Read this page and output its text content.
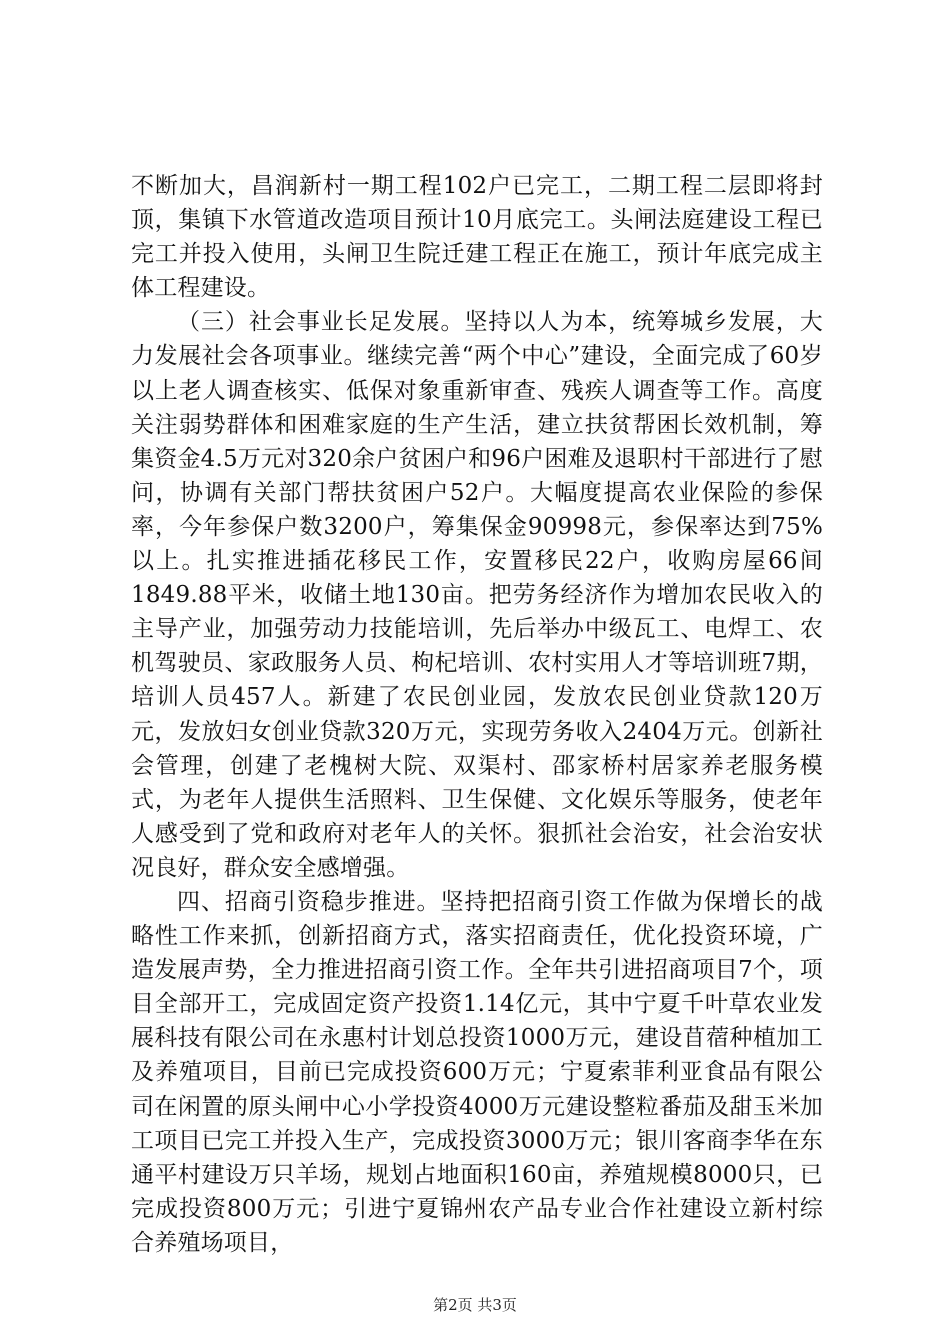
不断加大，昌润新村一期工程102户已完工，二期工程二层即将封顶，集镇下水管道改造项目预计10月底完工。头闸法庭建设工程已完工并投入使用，头闸卫生院迁建工程正在施工，预计年底完成主体工程建设。

（三）社会事业长足发展。坚持以人为本，统筹城乡发展，大力发展社会各项事业。继续完善“两个中心”建设，全面完成了60岁以上老人调查核实、低保对象重新审查、残疾人调查等工作。高度关注弱势群体和困难家庭的生产生活，建立扶贫帮困长效机制，筹集资金4.5万元对320余户贫困户和96户困难及退职村干部进行了慰问，协调有关部门帮扶贫困户52户。大幅度提高农业保险的参保率，今年参保户数3200户，筹集保金90998元，参保率达到75%以上。扎实推进插花移民工作，安置移民22户，收购房屋66间1849.88平米，收储土地130亩。把劳务经济作为增加农民收入的主导产业，加强劳动力技能培训，先后举办中级瓦工、电焊工、农机驾驶员、家政服务人员、枸杞培训、农村实用人才等培训班7期，培训人员457人。新建了农民创业园，发放农民创业贷款120万元，发放妇女创业贷款320万元，实现劳务收入2404万元。创新社会管理，创建了老槐树大院、双渠村、邵家桥村居家养老服务模式，为老年人提供生活照料、卫生保健、文化娱乐等服务，使老年人感受到了党和政府对老年人的关怀。狠抓社会治安，社会治安状况良好，群众安全感增强。

四、招商引资稳步推进。坚持把招商引资工作做为保增长的战略性工作来抓，创新招商方式，落实招商责任，优化投资环境，广造发展声势，全力推进招商引资工作。全年共引进招商项目7个，项目全部开工，完成固定资产投资1.14亿元，其中宁夏千叶草农业发展科技有限公司在永惠村计划总投资1000万元，建设苜蓿种植加工及养殖项目，目前已完成投资600万元；宁夏索菲利亚食品有限公司在闲置的原头闸中心小学投资4000万元建设整粒番茄及甜玉米加工项目已完工并投入生产，完成投资3000万元；银川客商李华在东通平村建设万只羊场，规划占地面积160亩，养殖规模8000只，已完成投资800万元；引进宁夏锦州农产品专业合作社建设立新村综合养殖场项目，

第2页 共3页
